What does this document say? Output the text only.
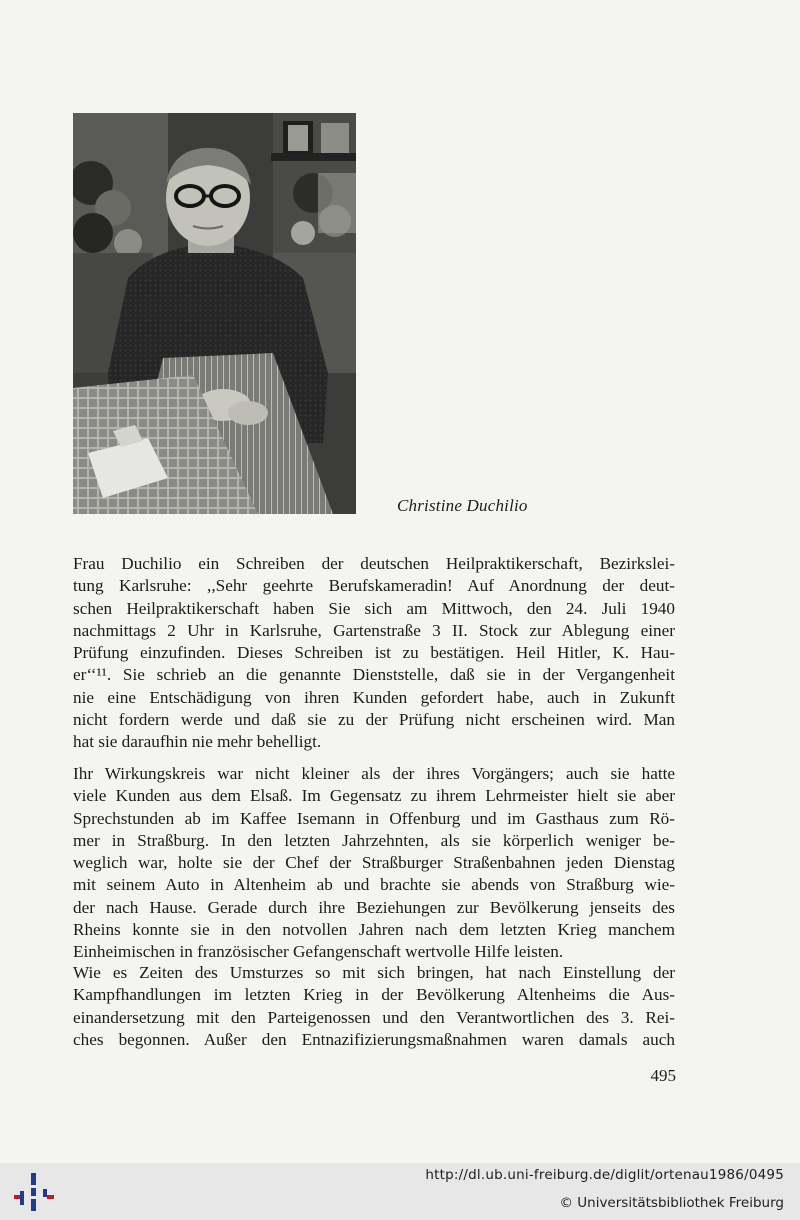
Christine Duchilio
Frau Duchilio ein Schreiben der deutschen Heilpraktikerschaft, Bezirkslei-
tung Karlsruhe: ,,Sehr geehrte Berufskameradin! Auf Anordnung der deut-
schen Heilpraktikerschaft haben Sie sich am Mittwoch, den 24. Juli 1940
nachmittags 2 Uhr in Karlsruhe, Gartenstraße 3 II. Stock zur Ablegung einer
Prüfung einzufinden. Dieses Schreiben ist zu bestätigen. Heil Hitler, K. Hau-
er‘‘¹¹. Sie schrieb an die genannte Dienststelle, daß sie in der Vergangenheit
nie eine Entschädigung von ihren Kunden gefordert habe, auch in Zukunft
nicht fordern werde und daß sie zu der Prüfung nicht erscheinen wird. Man
hat sie daraufhin nie mehr behelligt.
Ihr Wirkungskreis war nicht kleiner als der ihres Vorgängers; auch sie hatte
viele Kunden aus dem Elsaß. Im Gegensatz zu ihrem Lehrmeister hielt sie aber
Sprechstunden ab im Kaffee Isemann in Offenburg und im Gasthaus zum Rö-
mer in Straßburg. In den letzten Jahrzehnten, als sie körperlich weniger be-
weglich war, holte sie der Chef der Straßburger Straßenbahnen jeden Dienstag
mit seinem Auto in Altenheim ab und brachte sie abends von Straßburg wie-
der nach Hause. Gerade durch ihre Beziehungen zur Bevölkerung jenseits des
Rheins konnte sie in den notvollen Jahren nach dem letzten Krieg manchem
Einheimischen in französischer Gefangenschaft wertvolle Hilfe leisten.
Wie es Zeiten des Umsturzes so mit sich bringen, hat nach Einstellung der
Kampfhandlungen im letzten Krieg in der Bevölkerung Altenheims die Aus-
einandersetzung mit den Parteigenossen und den Verantwortlichen des 3. Rei-
ches begonnen. Außer den Entnazifizierungsmaßnahmen waren damals auch
495
http://dl.ub.uni-freiburg.de/diglit/ortenau1986/0495
© Universitätsbibliothek Freiburg
